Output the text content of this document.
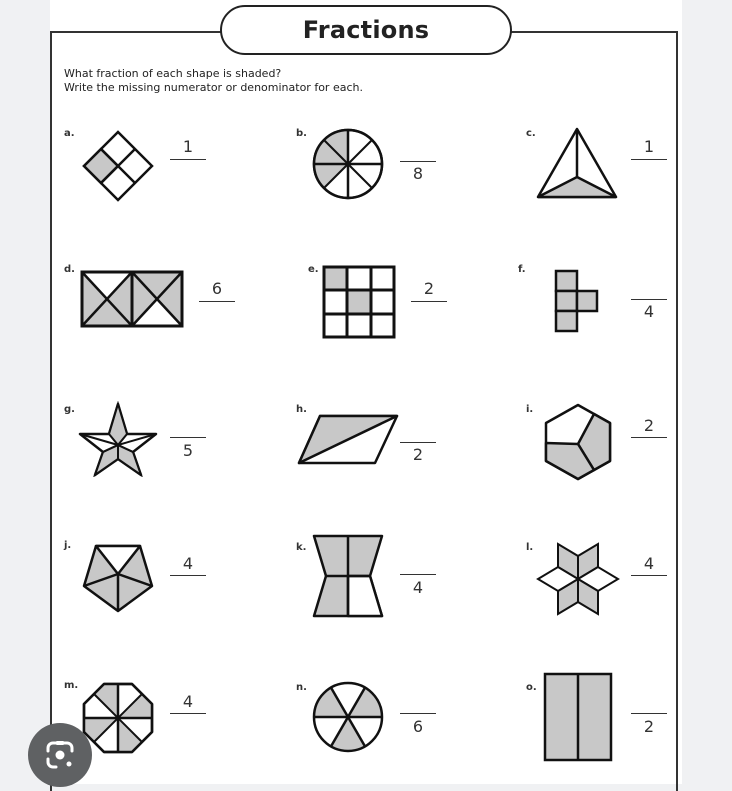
Fractions
What fraction of each shape is shaded?
Write the missing numerator or denominator for each.
a.
1
b.
8
c.
1
d.
6
e.
2
f.
4
g.
5
h.
2
i.
2
j.
4
k.
4
l.
4
m.
4
n.
6
o.
2
